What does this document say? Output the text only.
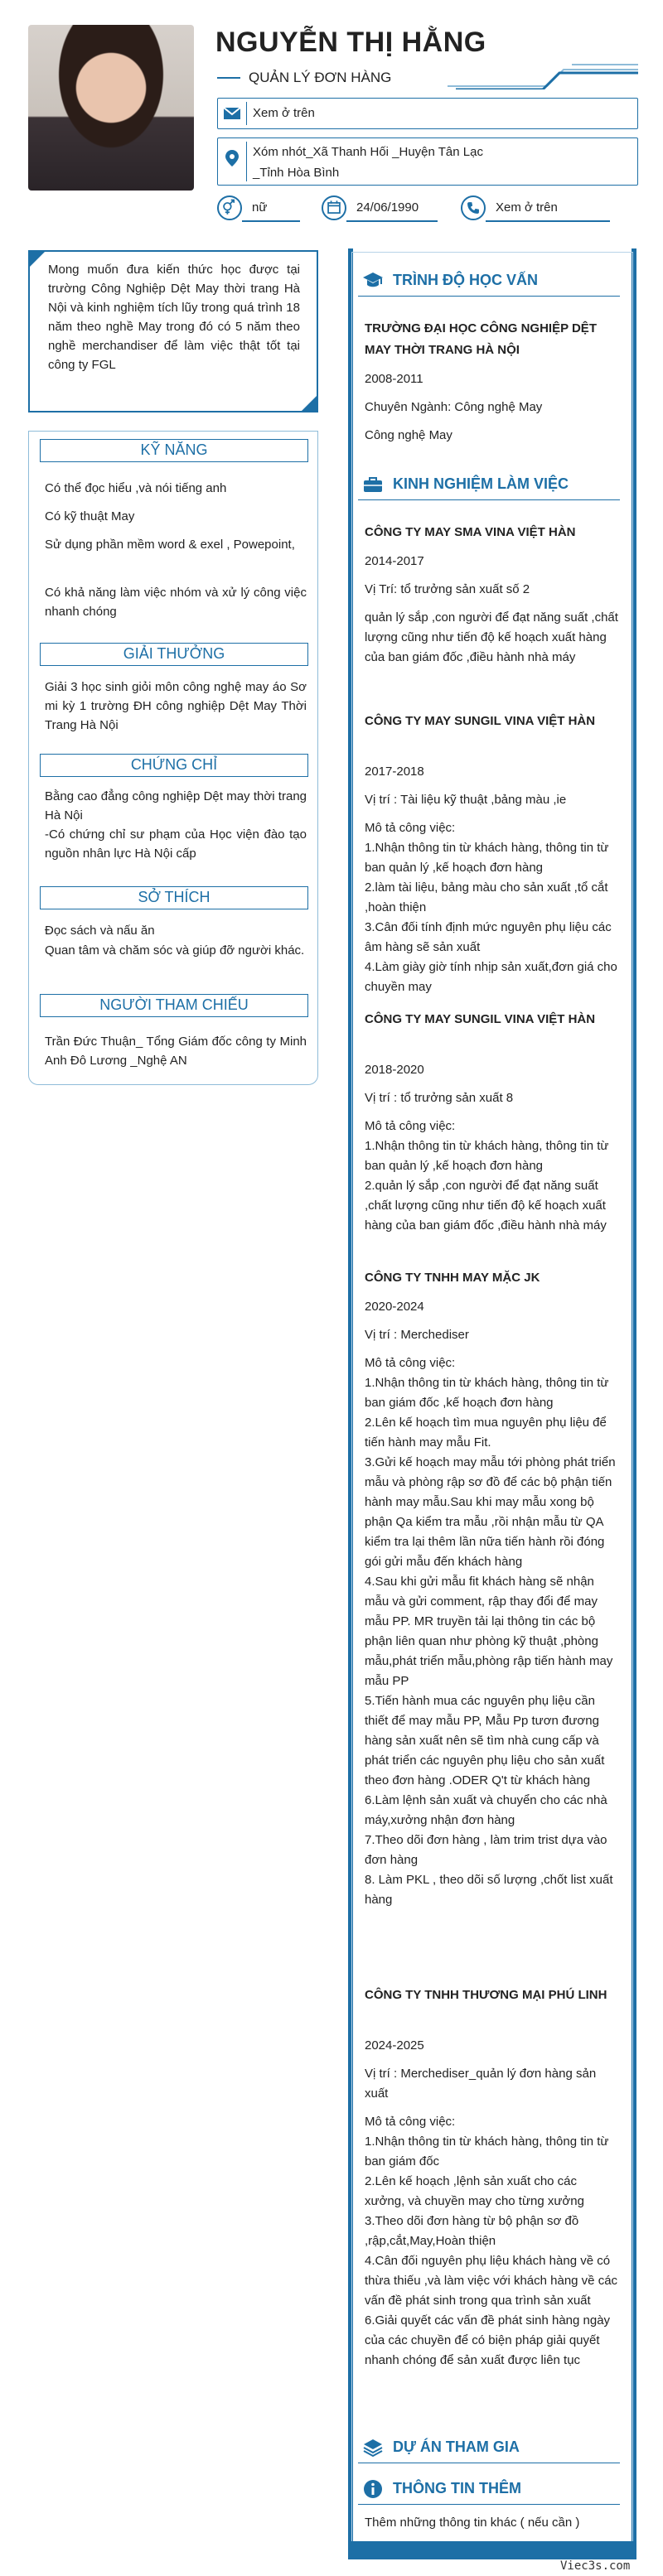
NGUYỄN THỊ HẰNG
QUẢN LÝ ĐƠN HÀNG
Xem ở trên
Xóm nhót_Xã Thanh Hối _Huyện Tân Lạc
_Tỉnh Hòa Bình
nữ	24/06/1990	Xem ở trên
Mong muốn đưa kiến thức học được tại trường Công Nghiệp Dệt May thời trang Hà Nội và kinh nghiệm tích lũy trong quá trình 18 năm theo nghề May trong đó có 5 năm theo nghề merchandiser để làm việc thật tốt tại công ty FGL
KỸ NĂNG
Có thể đọc hiểu ,và nói tiếng anh
Có kỹ thuật May
Sử dụng phần mềm word & exel , Powepoint,
Có khả năng làm việc nhóm và xử lý công việc nhanh chóng
GIẢI THƯỞNG
Giải 3 học sinh giỏi môn công nghệ may áo Sơ mi kỳ 1 trường ĐH công nghiệp Dệt May Thời Trang Hà Nội
CHỨNG CHỈ
Bằng cao đẳng công nghiệp Dệt may thời trang Hà Nội
-Có chứng chỉ sư phạm của Học viện đào tạo nguồn nhân lực Hà Nội cấp
SỞ THÍCH
Đọc sách và nấu ăn
Quan tâm và chăm sóc và giúp đỡ người khác.
NGƯỜI THAM CHIẾU
Trần Đức Thuận_ Tổng Giám đốc công ty Minh Anh Đô Lương _Nghệ AN
TRÌNH ĐỘ HỌC VẤN
TRƯỜNG ĐẠI HỌC CÔNG NGHIỆP DỆT MAY THỜI TRANG HÀ NỘI
2008-2011
Chuyên Ngành: Công nghệ May
Công nghệ May
KINH NGHIỆM LÀM VIỆC
CÔNG TY MAY SMA VINA VIỆT HÀN
2014-2017
Vị Trí: tổ trưởng sản xuất số 2
quản lý sắp ,con người để đạt năng suất ,chất lượng cũng như tiến độ kế hoạch xuất hàng của ban giám đốc ,điều hành nhà máy
CÔNG TY MAY SUNGIL VINA VIỆT HÀN
2017-2018
Vị trí : Tài liệu kỹ thuật ,bảng màu ,ie
Mô tả công việc:
1.Nhận thông tin từ khách hàng, thông tin từ ban quản lý ,kế hoạch đơn hàng
2.làm tài liệu, bảng màu cho sản xuất ,tổ cắt ,hoàn thiện
3.Cân đối tính định mức nguyên phụ liệu các âm hàng sẽ sản xuất
4.Làm giày giờ tính nhịp sản xuất,đơn giá cho chuyền may
CÔNG TY MAY SUNGIL VINA VIỆT HÀN
2018-2020
Vị trí : tổ trưởng sản xuất 8
Mô tả công việc:
1.Nhận thông tin từ khách hàng, thông tin từ ban quản lý ,kế hoạch đơn hàng
2.quản lý sắp ,con người để đạt năng suất ,chất lượng cũng như tiến độ kế hoạch xuất hàng của ban giám đốc ,điều hành nhà máy
CÔNG TY TNHH MAY MẶC JK
2020-2024
Vị trí : Merchediser
Mô tả công việc:
1.Nhận thông tin từ khách hàng, thông tin từ ban giám đốc ,kế hoạch đơn hàng
2.Lên kế hoạch tìm mua nguyên phụ liệu để tiến hành may mẫu Fit.
3.Gửi kế hoạch may mẫu tới phòng phát triển mẫu và phòng rập sơ đồ để các bộ phận tiến hành may mẫu.Sau khi may mẫu xong bộ phận Qa kiểm tra mẫu ,rồi nhận mẫu từ QA kiểm tra lại thêm lần nữa tiến hành rồi đóng gói gửi mẫu đến khách hàng
4.Sau khi gửi mẫu fit khách hàng sẽ nhận mẫu và gửi comment, rập thay đổi để may mẫu PP. MR truyền tải lại thông tin các bộ phận liên quan như phòng kỹ thuật ,phòng mẫu,phát triển mẫu,phòng rập tiến hành may mẫu PP
5.Tiến hành mua các nguyên phụ liệu cần thiết để may mẫu PP, Mẫu Pp tươn đương hàng sản xuất nên sẽ tìm nhà cung cấp và phát triển các nguyên phụ liệu cho sản xuất theo đơn hàng .ODER Q't từ khách hàng
6.Làm lệnh sản xuất và chuyển cho các nhà máy,xưởng nhận đơn hàng
7.Theo dõi đơn hàng , làm trim trist dựa vào đơn hàng
8. Làm PKL , theo dõi số lượng ,chốt list xuất hàng
CÔNG TY TNHH THƯƠNG MẠI PHÚ LINH
2024-2025
Vị trí : Merchediser_quản lý đơn hàng sản xuất
Mô tả công việc:
1.Nhận thông tin từ khách hàng, thông tin từ ban giám đốc
2.Lên kế hoạch ,lệnh sản xuất cho các xưởng, và chuyền may cho từng xưởng
3.Theo dõi đơn hàng từ bộ phận sơ đồ ,rập,cắt,May,Hoàn thiện
4.Cân đối nguyên phụ liệu khách hàng về có thừa thiếu ,và làm việc với khách hàng về các vấn đề phát sinh trong qua trình sản xuất
6.Giải quyết các vấn đề phát sinh hàng ngày của các chuyền để có biện pháp giải quyết nhanh chóng để sản xuất được liên tục
DỰ ÁN THAM GIA
THÔNG TIN THÊM
Thêm những thông tin khác ( nếu cần )
Viec3s.com
